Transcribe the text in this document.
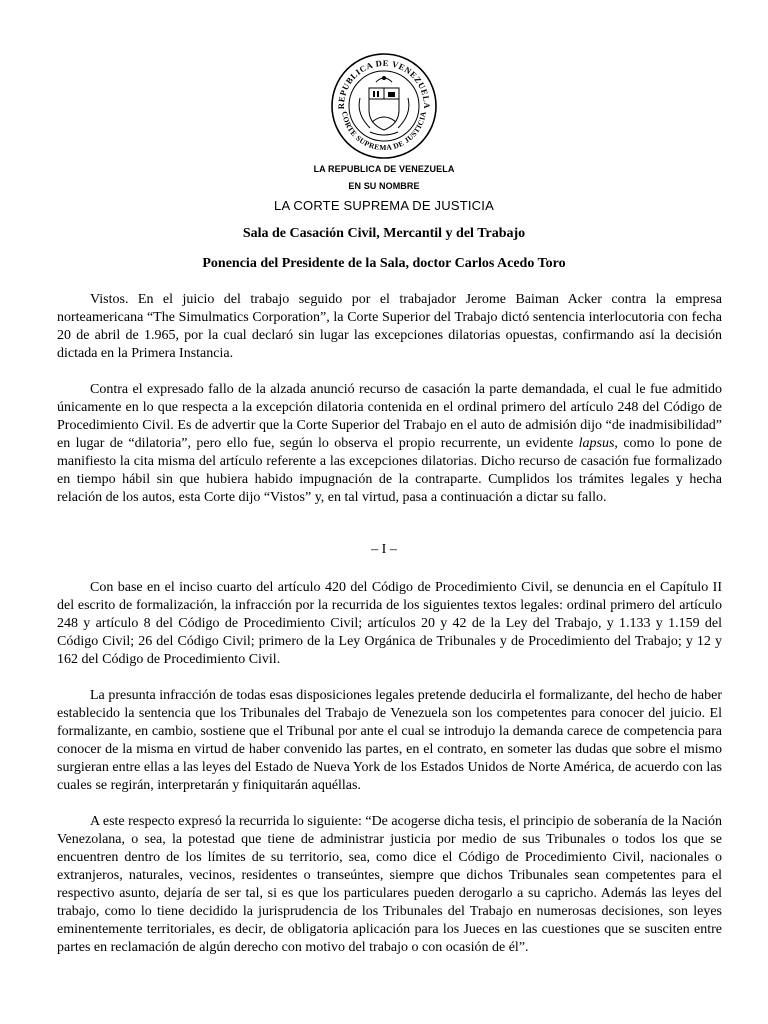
REPUBLICA DE VENEZUELA
CORTE SUPREMA DE JUSTICIA
LA REPUBLICA DE VENEZUELA
EN SU NOMBRE
LA CORTE SUPREMA DE JUSTICIA
Sala de Casación Civil, Mercantil y del Trabajo
Ponencia del Presidente de la Sala, doctor Carlos Acedo Toro

Vistos. En el juicio del trabajo seguido por el trabajador Jerome Baiman Acker contra la empresa norteamericana “The Simulmatics Corporation”, la Corte Superior del Trabajo dictó sentencia interlocutoria con fecha 20 de abril de 1.965, por la cual declaró sin lugar las excepciones dilatorias opuestas, confirmando así la decisión dictada en la Primera Instancia.

Contra el expresado fallo de la alzada anunció recurso de casación la parte demandada, el cual le fue admitido únicamente en lo que respecta a la excepción dilatoria contenida en el ordinal primero del artículo 248 del Código de Procedimiento Civil. Es de advertir que la Corte Superior del Trabajo en el auto de admisión dijo “de inadmisibilidad” en lugar de “dilatoria”, pero ello fue, según lo observa el propio recurrente, un evidente lapsus, como lo pone de manifiesto la cita misma del artículo referente a las excepciones dilatorias. Dicho recurso de casación fue formalizado en tiempo hábil sin que hubiera habido impugnación de la contraparte. Cumplidos los trámites legales y hecha relación de los autos, esta Corte dijo “Vistos” y, en tal virtud, pasa a continuación a dictar su fallo.

– I –

Con base en el inciso cuarto del artículo 420 del Código de Procedimiento Civil, se denuncia en el Capítulo II del escrito de formalización, la infracción por la recurrida de los siguientes textos legales: ordinal primero del artículo 248 y artículo 8 del Código de Procedimiento Civil; artículos 20 y 42 de la Ley del Trabajo, y 1.133 y 1.159 del Código Civil; 26 del Código Civil; primero de la Ley Orgánica de Tribunales y de Procedimiento del Trabajo; y 12 y 162 del Código de Procedimiento Civil.

La presunta infracción de todas esas disposiciones legales pretende deducirla el formalizante, del hecho de haber establecido la sentencia que los Tribunales del Trabajo de Venezuela son los competentes para conocer del juicio. El formalizante, en cambio, sostiene que el Tribunal por ante el cual se introdujo la demanda carece de competencia para conocer de la misma en virtud de haber convenido las partes, en el contrato, en someter las dudas que sobre el mismo surgieran entre ellas a las leyes del Estado de Nueva York de los Estados Unidos de Norte América, de acuerdo con las cuales se regirán, interpretarán y finiquitarán aquéllas.

A este respecto expresó la recurrida lo siguiente: “De acogerse dicha tesis, el principio de soberanía de la Nación Venezolana, o sea, la potestad que tiene de administrar justicia por medio de sus Tribunales o todos los que se encuentren dentro de los límites de su territorio, sea, como dice el Código de Procedimiento Civil, nacionales o extranjeros, naturales, vecinos, residentes o transeúntes, siempre que dichos Tribunales sean competentes para el respectivo asunto, dejaría de ser tal, si es que los particulares pueden derogarlo a su capricho. Además las leyes del trabajo, como lo tiene decidido la jurisprudencia de los Tribunales del Trabajo en numerosas decisiones, son leyes eminentemente territoriales, es decir, de obligatoria aplicación para los Jueces en las cuestiones que se susciten entre partes en reclamación de algún derecho con motivo del trabajo o con ocasión de él”.
